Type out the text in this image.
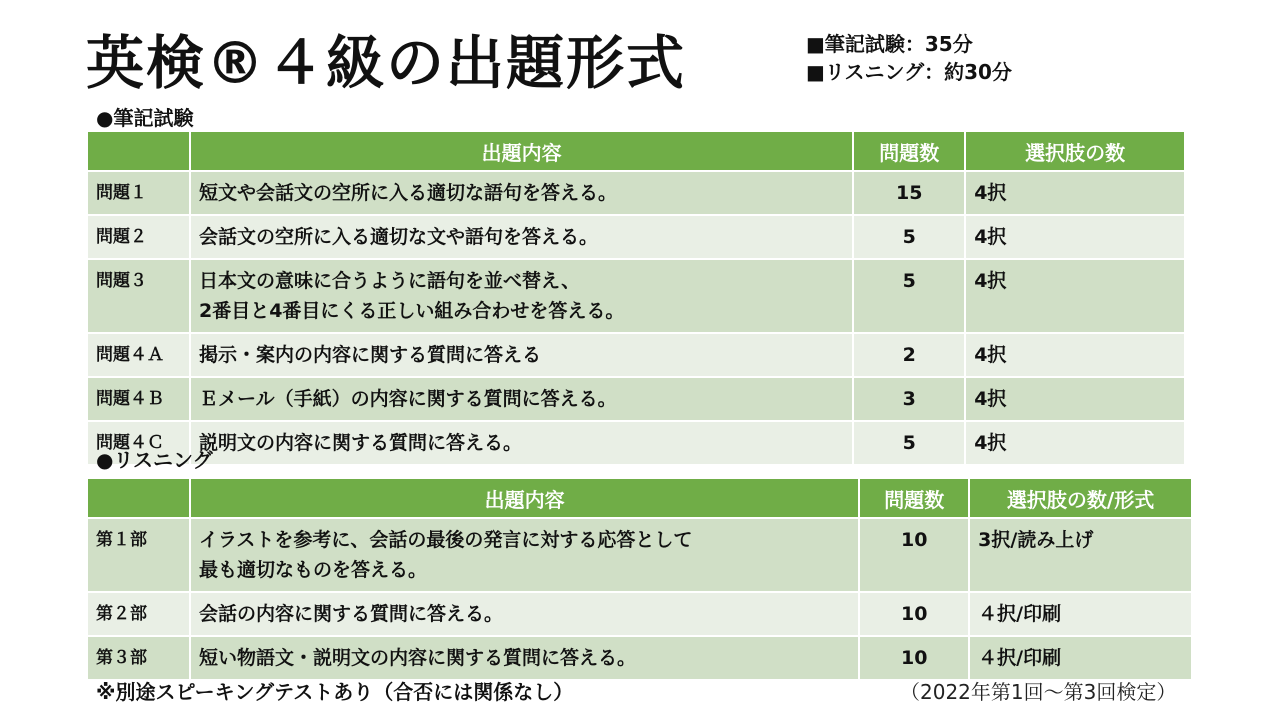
英検®４級の出題形式	■筆記試験：35分
■リスニング：約30分
●筆記試験
	出題内容	問題数	選択肢の数
問題１	短文や会話文の空所に入る適切な語句を答える。	15	4択
問題２	会話文の空所に入る適切な文や語句を答える。	5	4択
問題３	日本文の意味に合うように語句を並べ替え、
2番目と4番目にくる正しい組み合わせを答える。	5	4択
問題４Ａ	掲示・案内の内容に関する質問に答える	2	4択
問題４Ｂ	Ｅメール（手紙）の内容に関する質問に答える。	3	4択
問題４Ｃ	説明文の内容に関する質問に答える。	5	4択
●リスニング
	出題内容	問題数	選択肢の数/形式
第１部	イラストを参考に、会話の最後の発言に対する応答として
最も適切なものを答える。	10	3択/読み上げ
第２部	会話の内容に関する質問に答える。	10	４択/印刷
第３部	短い物語文・説明文の内容に関する質問に答える。	10	４択/印刷
※別途スピーキングテストあり（合否には関係なし）	（2022年第1回～第3回検定）
